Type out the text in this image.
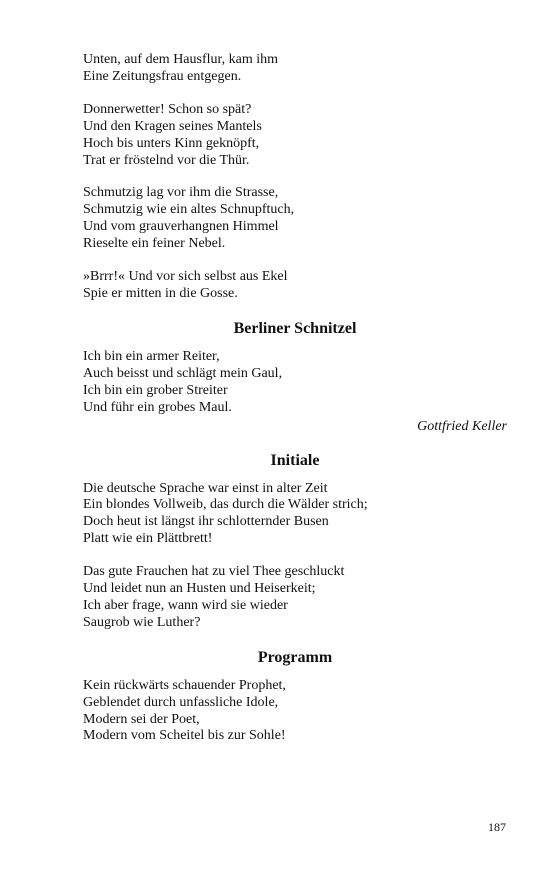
Unten, auf dem Hausflur, kam ihm
Eine Zeitungsfrau entgegen.
Donnerwetter! Schon so spät?
Und den Kragen seines Mantels
Hoch bis unters Kinn geknöpft,
Trat er fröstelnd vor die Thür.
Schmutzig lag vor ihm die Strasse,
Schmutzig wie ein altes Schnupftuch,
Und vom grauverhangnen Himmel
Rieselte ein feiner Nebel.
»Brrr!« Und vor sich selbst aus Ekel
Spie er mitten in die Gosse.
Berliner Schnitzel
Ich bin ein armer Reiter,
Auch beisst und schlägt mein Gaul,
Ich bin ein grober Streiter
Und führ ein grobes Maul.
Gottfried Keller
Initiale
Die deutsche Sprache war einst in alter Zeit
Ein blondes Vollweib, das durch die Wälder strich;
Doch heut ist längst ihr schlotternder Busen
Platt wie ein Plättbrett!
Das gute Frauchen hat zu viel Thee geschluckt
Und leidet nun an Husten und Heiserkeit;
Ich aber frage, wann wird sie wieder
Saugrob wie Luther?
Programm
Kein rückwärts schauender Prophet,
Geblendet durch unfassliche Idole,
Modern sei der Poet,
Modern vom Scheitel bis zur Sohle!
187
